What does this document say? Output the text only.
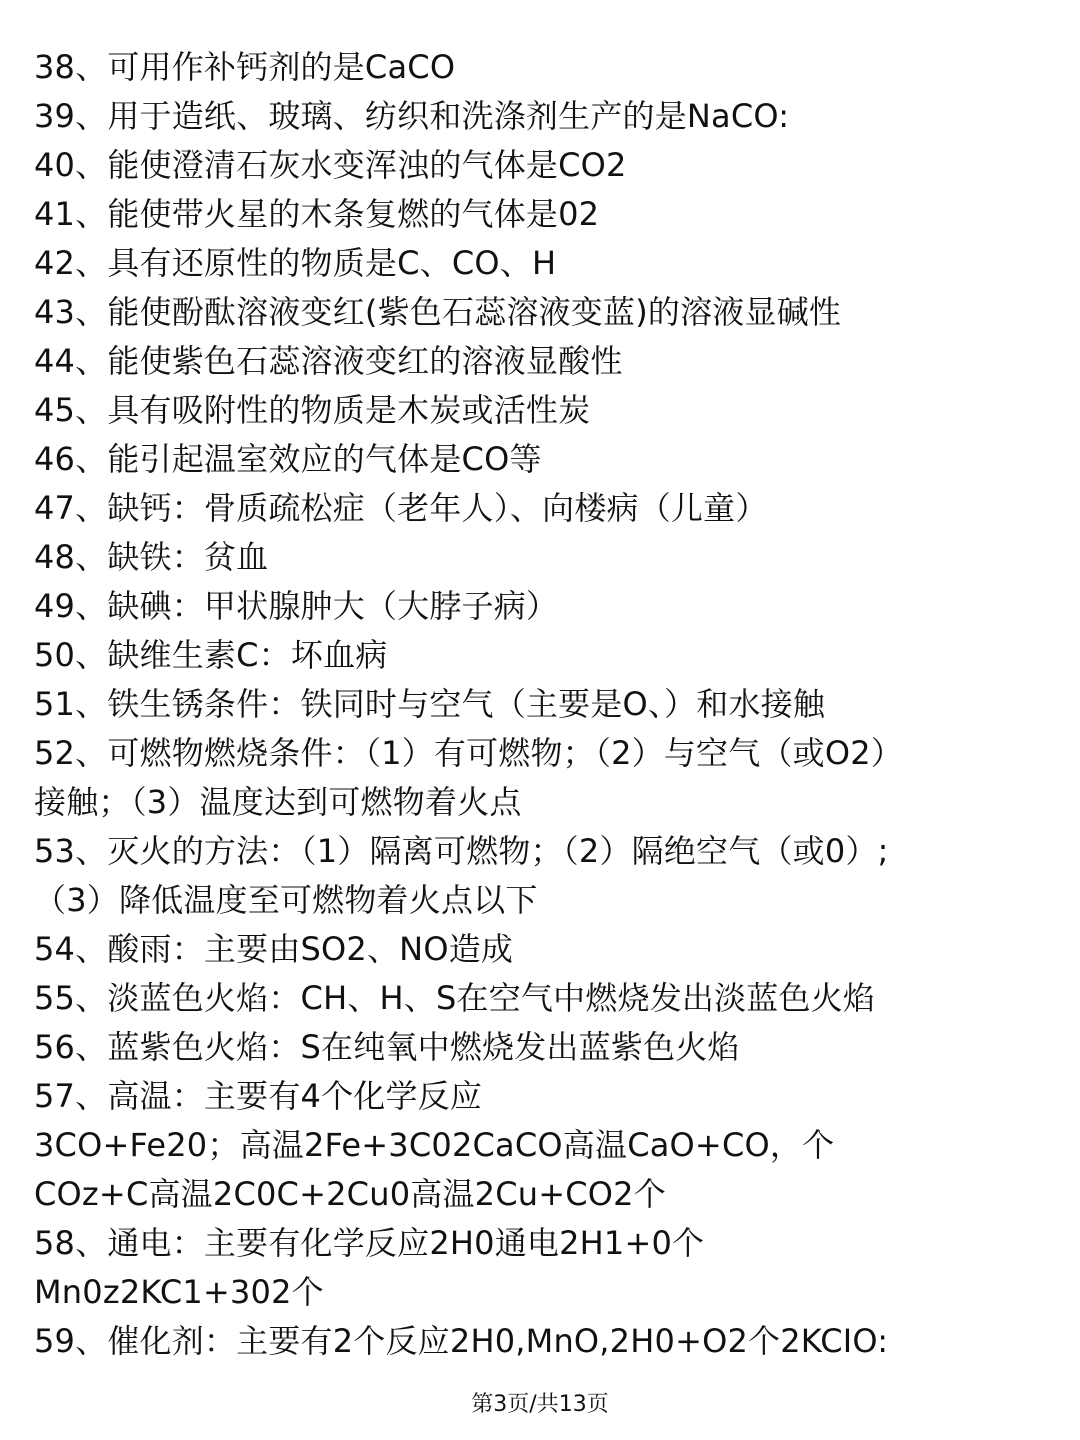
38、可用作补钙剂的是CaCO
39、用于造纸、玻璃、纺织和洗涤剂生产的是NaCO:
40、能使澄清石灰水变浑浊的气体是CO2
41、能使带火星的木条复燃的气体是02
42、具有还原性的物质是C、CO、H
43、能使酚酞溶液变红(紫色石蕊溶液变蓝)的溶液显碱性
44、能使紫色石蕊溶液变红的溶液显酸性
45、具有吸附性的物质是木炭或活性炭
46、能引起温室效应的气体是CO等
47、缺钙：骨质疏松症（老年人）、向楼病（儿童）
48、缺铁：贫血
49、缺碘：甲状腺肿大（大脖子病）
50、缺维生素C：坏血病
51、铁生锈条件：铁同时与空气（主要是O、）和水接触
52、可燃物燃烧条件：（1）有可燃物；（2）与空气（或O2）
接触；（3）温度达到可燃物着火点
53、灭火的方法：（1）隔离可燃物；（2）隔绝空气（或0）;
（3）降低温度至可燃物着火点以下
54、酸雨：主要由SO2、NO造成
55、淡蓝色火焰：CH、H、S在空气中燃烧发出淡蓝色火焰
56、蓝紫色火焰：S在纯氧中燃烧发出蓝紫色火焰
57、高温：主要有4个化学反应
3CO+Fe20；高温2Fe+3C02CaCO高温CaO+CO，个
COz+C高温2C0C+2Cu0高温2Cu+CO2个
58、通电：主要有化学反应2H0通电2H1+0个
Mn0z2KC1+302个
59、催化剂：主要有2个反应2H0,MnO,2H0+O2个2KCIO:
第3页/共13页
